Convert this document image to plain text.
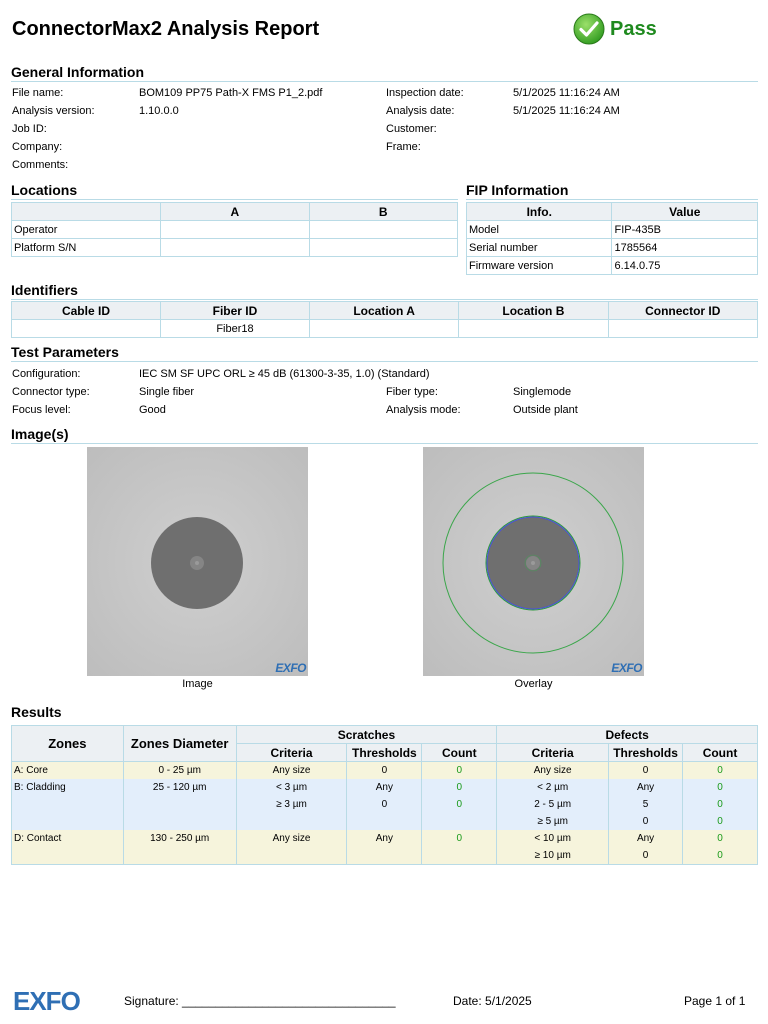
ConnectorMax2 Analysis Report	Pass
General Information
File name:	BOM109 PP75 Path-X FMS P1_2.pdf
Analysis version:	1.10.0.0
Job ID:
Company:
Comments:
Inspection date:	5/1/2025 11:16:24 AM
Analysis date:	5/1/2025 11:16:24 AM
Customer:
Frame:
Locations
	A	B
Operator		
Platform S/N		
FIP Information
Info.	Value
Model	FIP-435B
Serial number	1785564
Firmware version	6.14.0.75
Identifiers
Cable ID	Fiber ID	Location A	Location B	Connector ID
	Fiber18			
Test Parameters
Configuration:	IEC SM SF UPC ORL ≥ 45 dB (61300-3-35, 1.0) (Standard)
Connector type:	Single fiber
Focus level:	Good
Fiber type:	Singlemode
Analysis mode:	Outside plant
Image(s)
EXFO
Image
EXFO
Overlay
Results
Zones	Zones Diameter	Scratches			Defects		
		Criteria	Thresholds	Count	Criteria	Thresholds	Count
A: Core	0 - 25 µm	Any size	0	0	Any size	0	0
B: Cladding	25 - 120 µm	< 3 µm	Any	0	< 2 µm	Any	0
		≥ 3 µm	0	0	2 - 5 µm	5	0
					≥ 5 µm	0	0
D: Contact	130 - 250 µm	Any size	Any	0	< 10 µm	Any	0
					≥ 10 µm	0	0
EXFO	Signature: ________________________________	Date: 5/1/2025	Page 1 of 1
